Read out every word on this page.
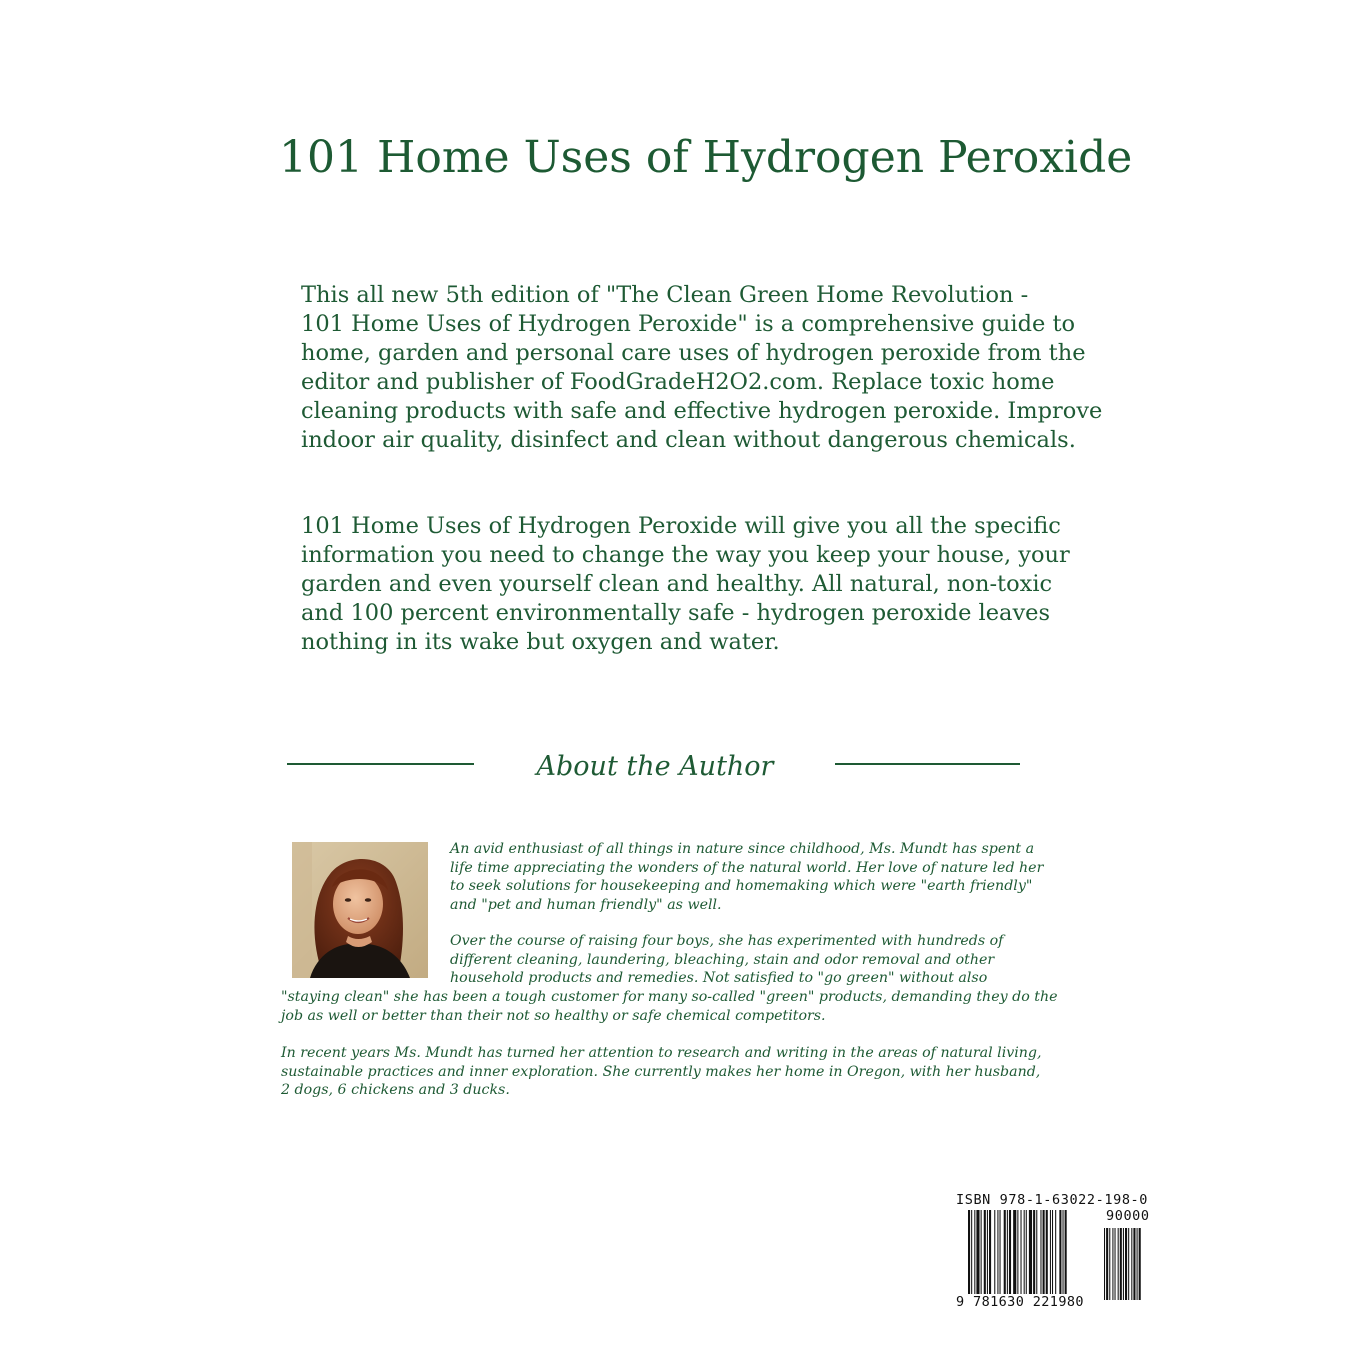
101 Home Uses of Hydrogen Peroxide
This all new 5th edition of "The Clean Green Home Revolution -
101 Home Uses of Hydrogen Peroxide" is a comprehensive guide to
home, garden and personal care uses of hydrogen peroxide from the
editor and publisher of FoodGradeH2O2.com. Replace toxic home
cleaning products with safe and effective hydrogen peroxide. Improve
indoor air quality, disinfect and clean without dangerous chemicals.
101 Home Uses of Hydrogen Peroxide will give you all the specific
information you need to change the way you keep your house, your
garden and even yourself clean and healthy. All natural, non-toxic
and 100 percent environmentally safe - hydrogen peroxide leaves
nothing in its wake but oxygen and water.
About the Author

An avid enthusiast of all things in nature since childhood, Ms. Mundt has spent a
life time appreciating the wonders of the natural world. Her love of nature led her
to seek solutions for housekeeping and homemaking which were "earth friendly"
and "pet and human friendly" as well.

Over the course of raising four boys, she has experimented with hundreds of
different cleaning, laundering, bleaching, stain and odor removal and other
household products and remedies. Not satisfied to "go green" without also

"staying clean" she has been a tough customer for many so-called "green" products, demanding they do the
job as well or better than their not so healthy or safe chemical competitors.

In recent years Ms. Mundt has turned her attention to research and writing in the areas of natural living,
sustainable practices and inner exploration. She currently makes her home in Oregon, with her husband,
2 dogs, 6 chickens and 3 ducks.

ISBN 978-1-63022-198-0
90000
9 781630 221980
